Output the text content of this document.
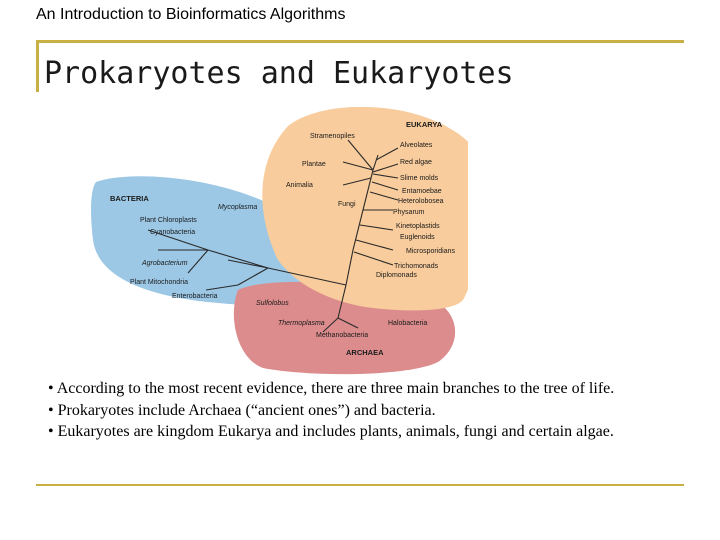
An Introduction to Bioinformatics Algorithms
Prokaryotes and Eukaryotes
EUKARYA
Stramenopiles
Alveolates
Plantae	Red algae
Animalia
Slime molds
Fungi
Entamoebae
Heterolobosea
Physarum
Kinetoplastids
Euglenoids
Microsporidians
Trichomonads
Diplomonads
BACTERIA
Mycoplasma
Plant Chloroplasts
Cyanobacteria
Agrobacterium
Plant Mitochondria
Enterobacteria
Sulfolobus
Thermoplasma	Halobacteria
Methanobacteria
ARCHAEA

• According to the most recent evidence, there are three main branches to the tree of life.

• Prokaryotes include Archaea (“ancient ones”) and bacteria.

• Eukaryotes are kingdom Eukarya and includes plants, animals, fungi and certain algae.
